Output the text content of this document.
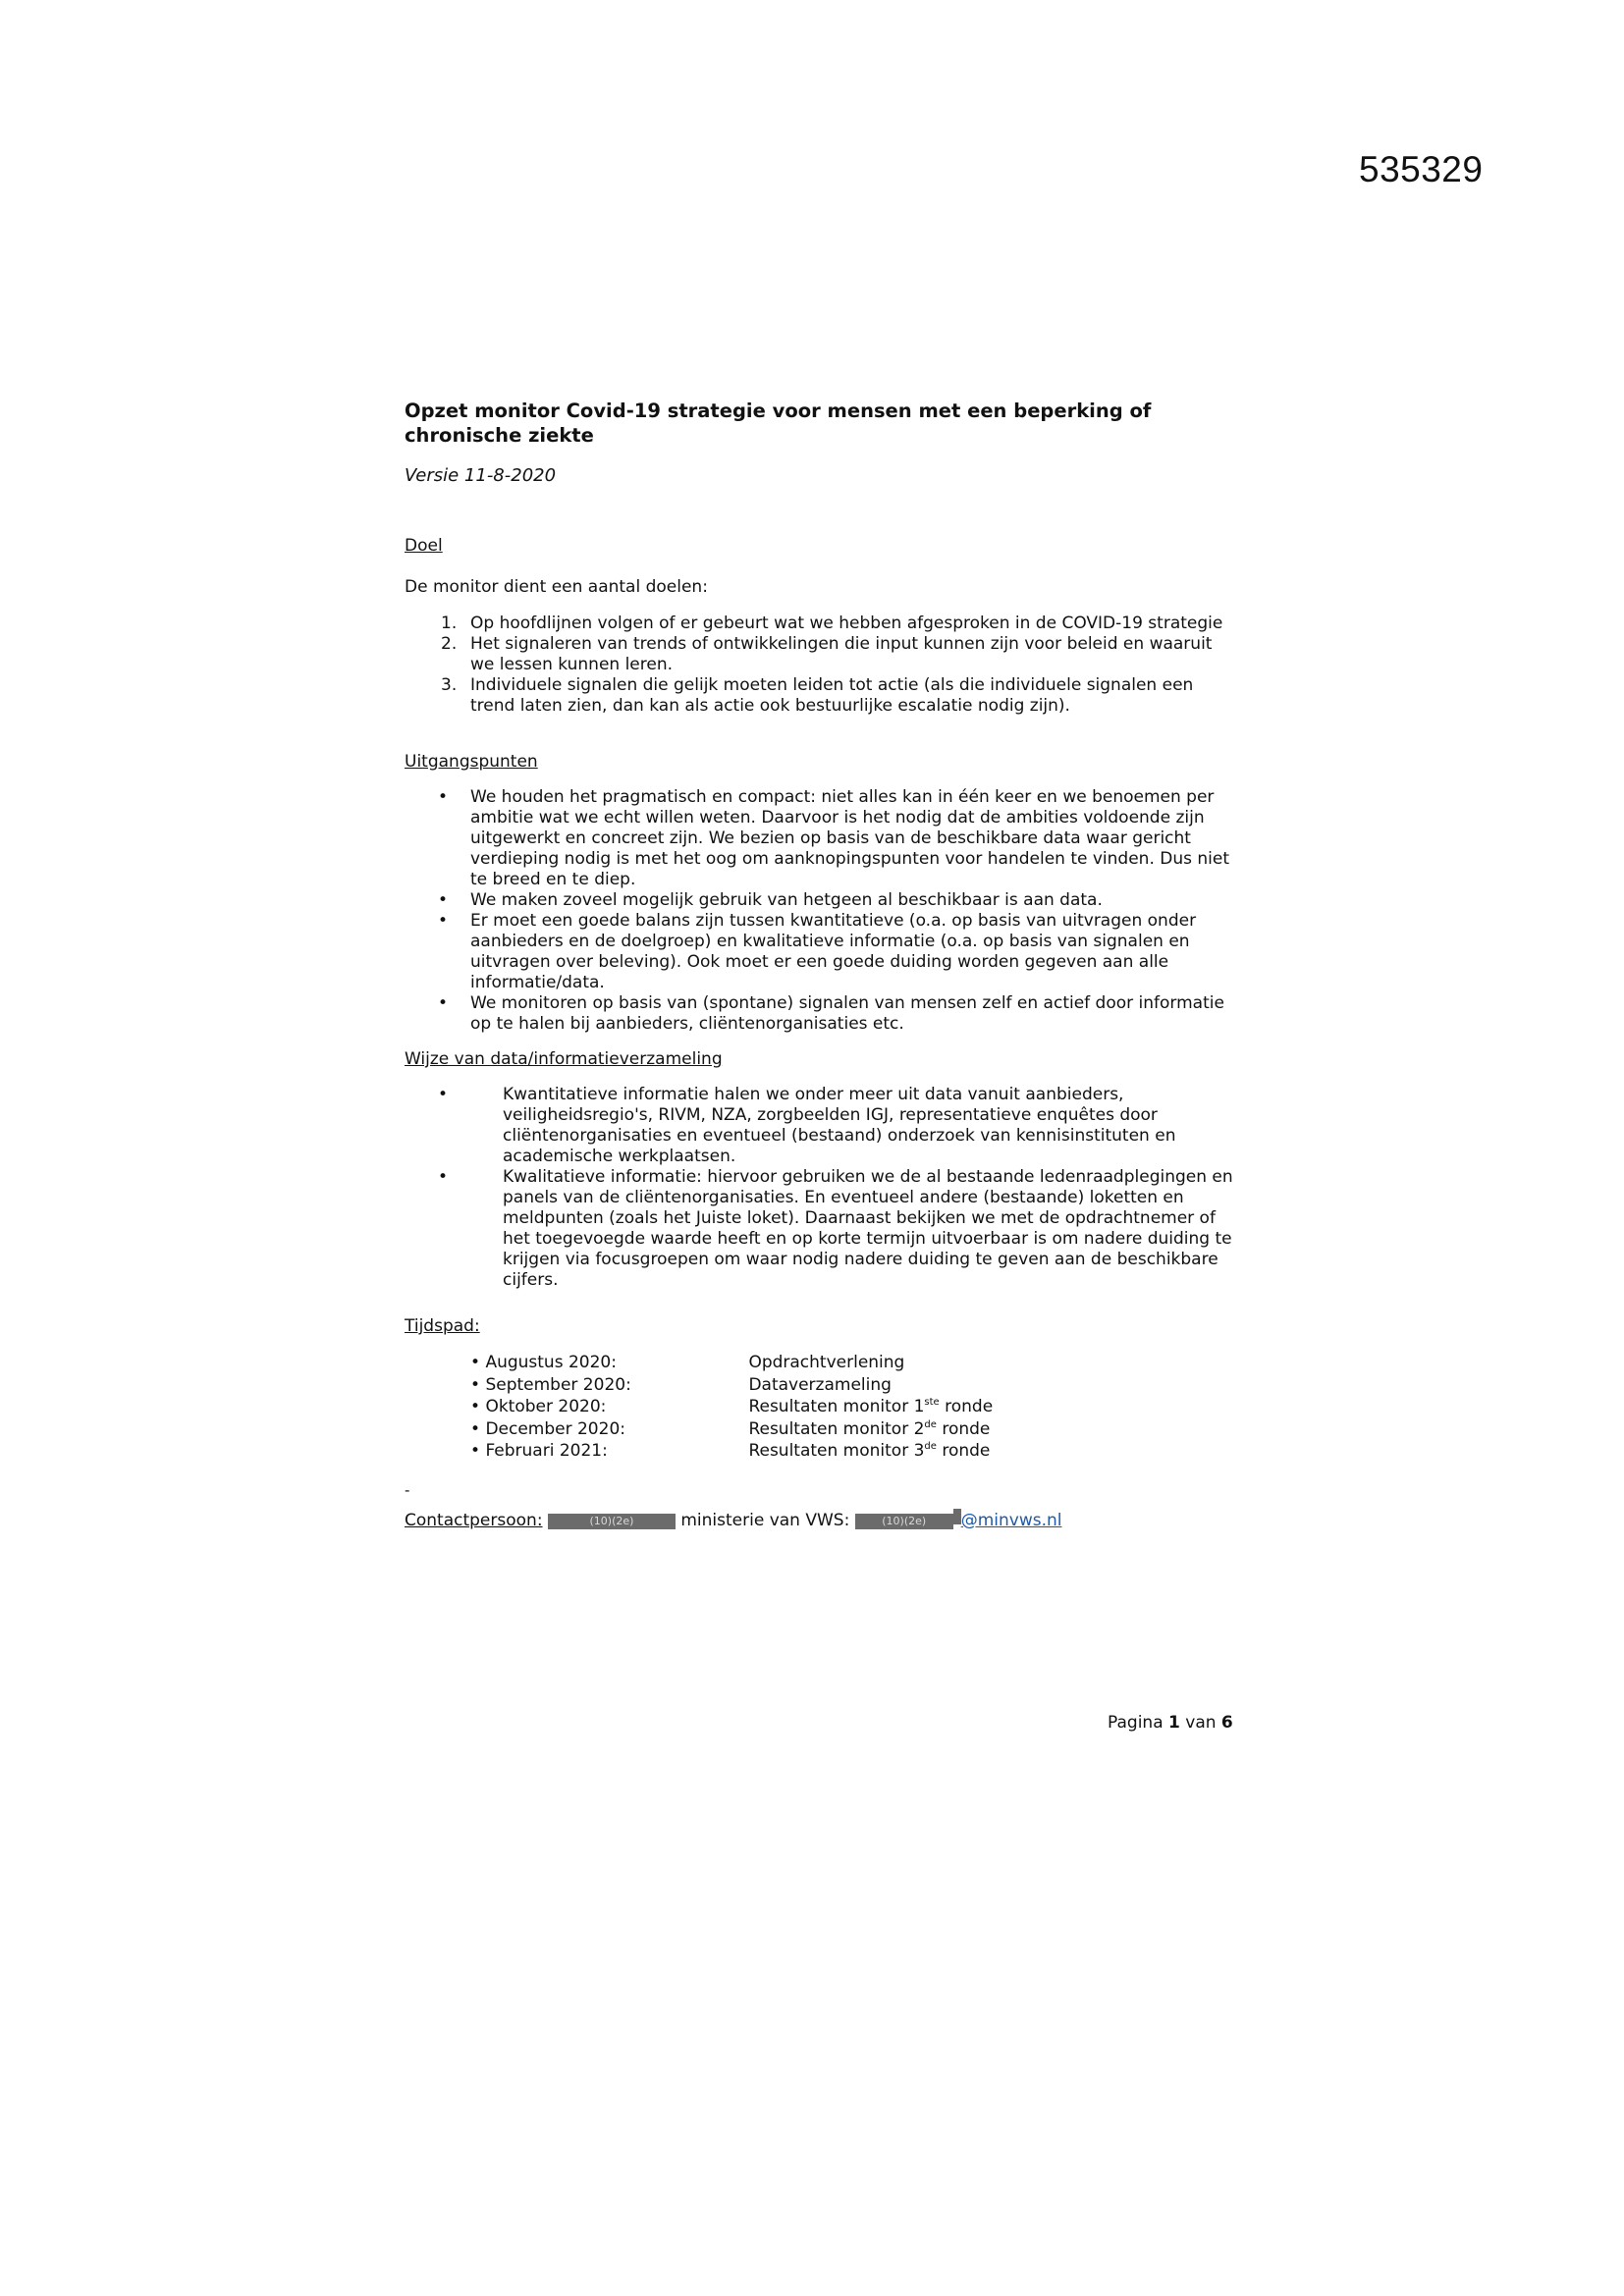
535329
Opzet monitor Covid-19 strategie voor mensen met een beperking of chronische ziekte
Versie 11-8-2020
Doel
De monitor dient een aantal doelen:
1. Op hoofdlijnen volgen of er gebeurt wat we hebben afgesproken in de COVID-19 strategie
2. Het signaleren van trends of ontwikkelingen die input kunnen zijn voor beleid en waaruit we lessen kunnen leren.
3. Individuele signalen die gelijk moeten leiden tot actie (als die individuele signalen een trend laten zien, dan kan als actie ook bestuurlijke escalatie nodig zijn).
Uitgangspunten
• We houden het pragmatisch en compact: niet alles kan in één keer en we benoemen per ambitie wat we echt willen weten. Daarvoor is het nodig dat de ambities voldoende zijn uitgewerkt en concreet zijn. We bezien op basis van de beschikbare data waar gericht verdieping nodig is met het oog om aanknopingspunten voor handelen te vinden. Dus niet te breed en te diep.
• We maken zoveel mogelijk gebruik van hetgeen al beschikbaar is aan data.
• Er moet een goede balans zijn tussen kwantitatieve (o.a. op basis van uitvragen onder aanbieders en de doelgroep) en kwalitatieve informatie (o.a. op basis van signalen en uitvragen over beleving). Ook moet er een goede duiding worden gegeven aan alle informatie/data.
• We monitoren op basis van (spontane) signalen van mensen zelf en actief door informatie op te halen bij aanbieders, cliëntenorganisaties etc.
Wijze van data/informatieverzameling
•	Kwantitatieve informatie halen we onder meer uit data vanuit aanbieders, veiligheidsregio's, RIVM, NZA, zorgbeelden IGJ, representatieve enquêtes door cliëntenorganisaties en eventueel (bestaand) onderzoek van kennisinstituten en academische werkplaatsen.
•	Kwalitatieve informatie: hiervoor gebruiken we de al bestaande ledenraadplegingen en panels van de cliëntenorganisaties. En eventueel andere (bestaande) loketten en meldpunten (zoals het Juiste loket). Daarnaast bekijken we met de opdrachtnemer of het toegevoegde waarde heeft en op korte termijn uitvoerbaar is om nadere duiding te krijgen via focusgroepen om waar nodig nadere duiding te geven aan de beschikbare cijfers.
Tijdspad:
• Augustus 2020:	Opdrachtverlening
• September 2020:	Dataverzameling
• Oktober 2020:	Resultaten monitor 1ste ronde
• December 2020:	Resultaten monitor 2de ronde
• Februari 2021:	Resultaten monitor 3de ronde
-
Contactpersoon:	(10)(2e)	ministerie van VWS:	(10)(2e) @minvws.nl
Pagina 1 van 6
